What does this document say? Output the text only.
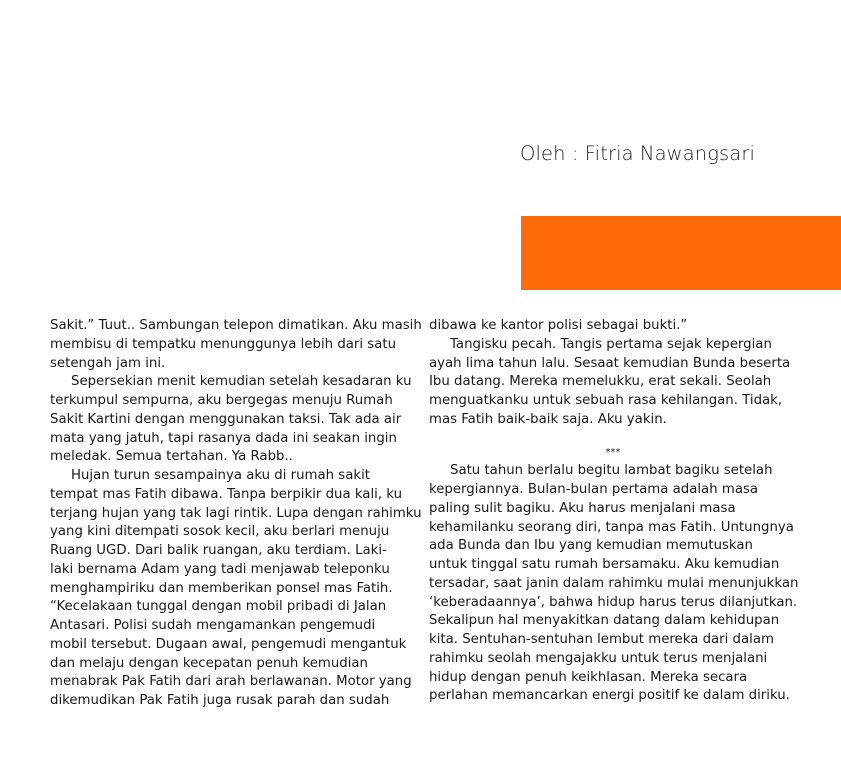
Oleh : Fitria Nawangsari
Sakit.” Tuut.. Sambungan telepon dimatikan. Aku masih
membisu di tempatku menunggunya lebih dari satu
setengah jam ini.
Sepersekian menit kemudian setelah kesadaran ku
terkumpul sempurna, aku bergegas menuju Rumah
Sakit Kartini dengan menggunakan taksi. Tak ada air
mata yang jatuh, tapi rasanya dada ini seakan ingin
meledak. Semua tertahan. Ya Rabb..
Hujan turun sesampainya aku di rumah sakit
tempat mas Fatih dibawa. Tanpa berpikir dua kali, ku
terjang hujan yang tak lagi rintik. Lupa dengan rahimku
yang kini ditempati sosok kecil, aku berlari menuju
Ruang UGD. Dari balik ruangan, aku terdiam. Laki-
laki bernama Adam yang tadi menjawab teleponku
menghampiriku dan memberikan ponsel mas Fatih.
“Kecelakaan tunggal dengan mobil pribadi di Jalan
Antasari. Polisi sudah mengamankan pengemudi
mobil tersebut. Dugaan awal, pengemudi mengantuk
dan melaju dengan kecepatan penuh kemudian
menabrak Pak Fatih dari arah berlawanan. Motor yang
dikemudikan Pak Fatih juga rusak parah dan sudah
dibawa ke kantor polisi sebagai bukti.”
Tangisku pecah. Tangis pertama sejak kepergian
ayah lima tahun lalu. Sesaat kemudian Bunda beserta
Ibu datang. Mereka memelukku, erat sekali. Seolah
menguatkanku untuk sebuah rasa kehilangan. Tidak,
mas Fatih baik-baik saja. Aku yakin.
***
Satu tahun berlalu begitu lambat bagiku setelah
kepergiannya. Bulan-bulan pertama adalah masa
paling sulit bagiku. Aku harus menjalani masa
kehamilanku seorang diri, tanpa mas Fatih. Untungnya
ada Bunda dan Ibu yang kemudian memutuskan
untuk tinggal satu rumah bersamaku. Aku kemudian
tersadar, saat janin dalam rahimku mulai menunjukkan
‘keberadaannya’, bahwa hidup harus terus dilanjutkan.
Sekalipun hal menyakitkan datang dalam kehidupan
kita. Sentuhan-sentuhan lembut mereka dari dalam
rahimku seolah mengajakku untuk terus menjalani
hidup dengan penuh keikhlasan. Mereka secara
perlahan memancarkan energi positif ke dalam diriku.
